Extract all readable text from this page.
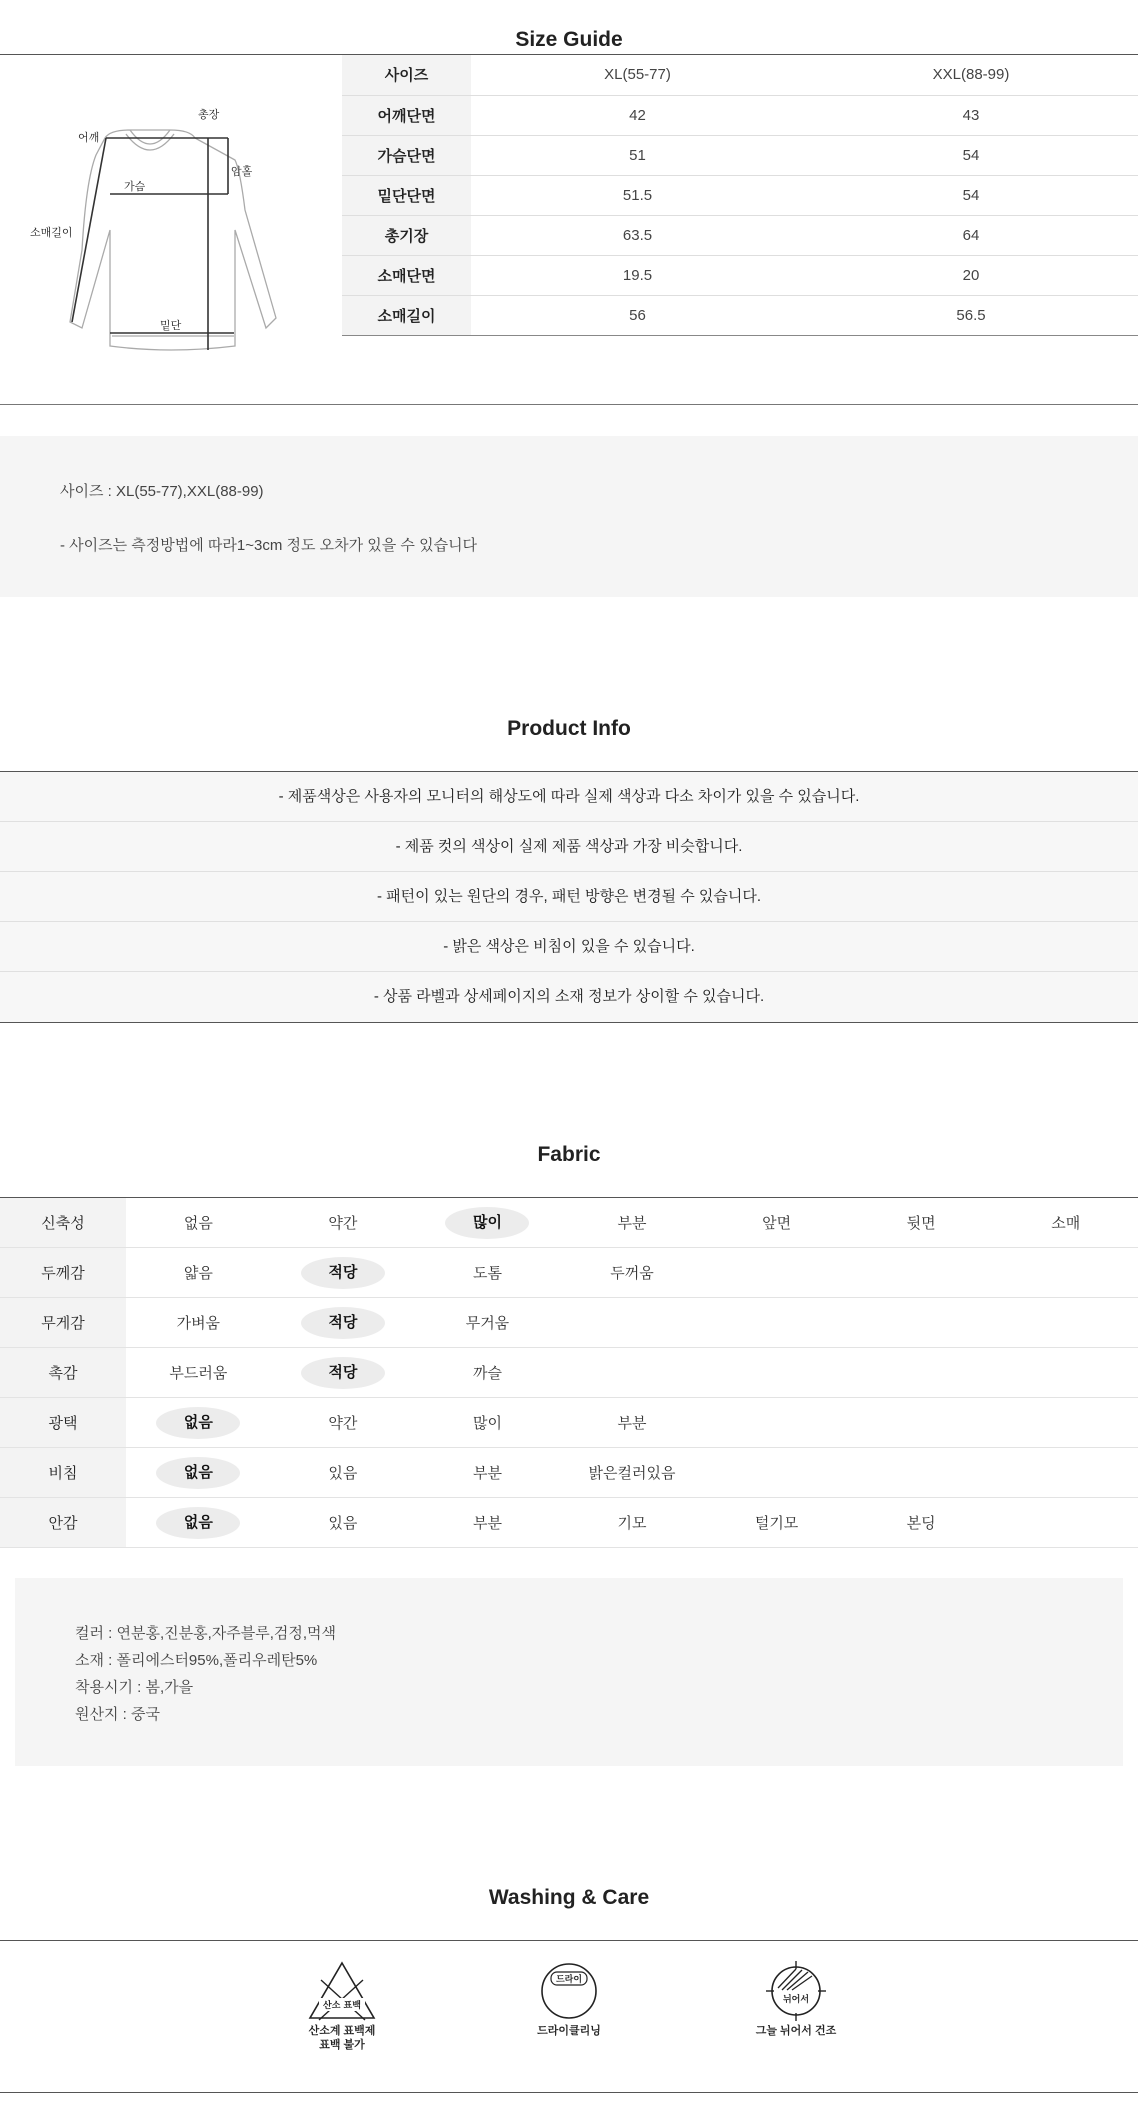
Size Guide
총장
어깨
가슴
암홀
소매길이
밑단
사이즈	XL(55-77)	XXL(88-99)
어깨단면	42	43
가슴단면	51	54
밑단단면	51.5	54
총기장	63.5	64
소매단면	19.5	20
소매길이	56	56.5

사이즈 : XL(55-77),XXL(88-99)

- 사이즈는 측정방법에 따라1~3cm 정도 오차가 있을 수 있습니다

Product Info
- 제품색상은 사용자의 모니터의 해상도에 따라 실제 색상과 다소 차이가 있을 수 있습니다.
- 제품 컷의 색상이 실제 제품 색상과 가장 비슷합니다.
- 패턴이 있는 원단의 경우, 패턴 방향은 변경될 수 있습니다.
- 밝은 색상은 비침이 있을 수 있습니다.
- 상품 라벨과 상세페이지의 소재 정보가 상이할 수 있습니다.
Fabric
신축성	없음	약간	많이	부분	앞면	뒷면	소매
두께감	얇음	적당	도톰	두꺼움			
무게감	가벼움	적당	무거움				
촉감	부드러움	적당	까슬				
광택	없음	약간	많이	부분			
비침	없음	있음	부분	밝은컬러있음			
안감	없음	있음	부분	기모	털기모	본딩	

컬러 : 연분홍,진분홍,자주블루,검정,먹색

소재 : 폴리에스터95%,폴리우레탄5%

착용시기 : 봄,가을

원산지 : 중국

Washing & Care
산소 표백
산소계 표백제
표백 불가
드라이
드라이클리닝
뉘어서
그늘 뉘어서 건조
